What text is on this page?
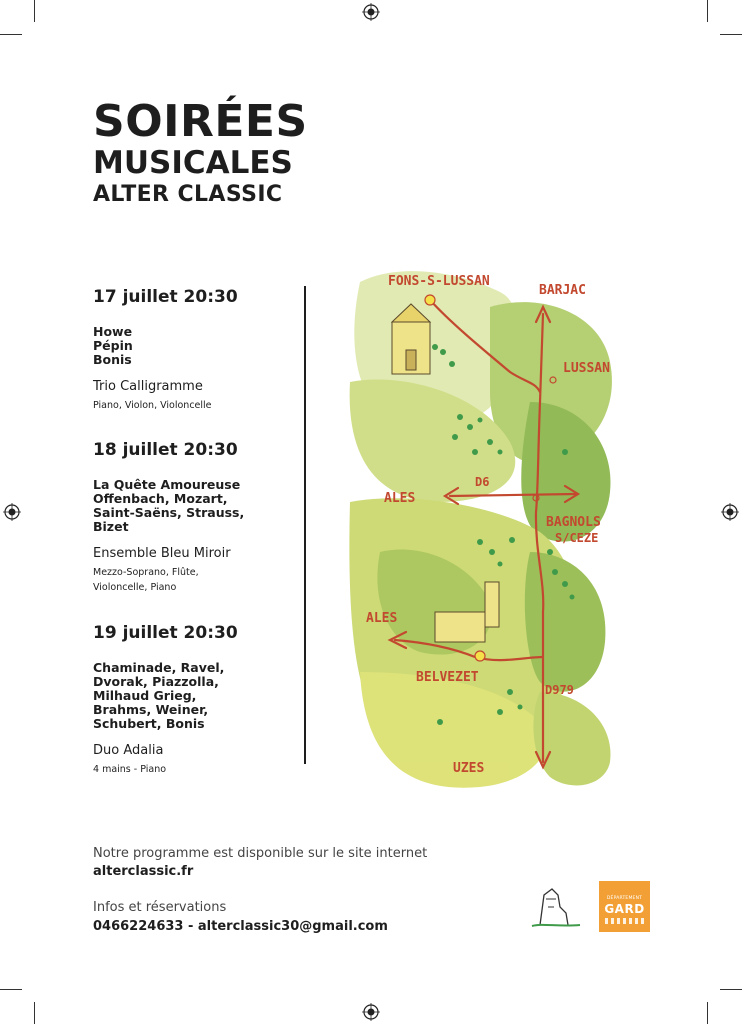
SOIRÉES
MUSICALES
ALTER CLASSIC

17 juillet 20:30

Howe

Pépin

Bonis

Trio Calligramme

Piano, Violon, Violoncelle

18 juillet 20:30

La Quête Amoureuse

Offenbach, Mozart,

Saint-Saëns, Strauss,

Bizet

Ensemble Bleu Miroir

Mezzo-Soprano, Flûte,

Violoncelle, Piano

19 juillet 20:30

Chaminade, Ravel,

Dvorak, Piazzolla,

Milhaud Grieg,

Brahms, Weiner,

Schubert, Bonis

Duo Adalia

4 mains - Piano

FONS-S-LUSSAN
BARJAC
LUSSAN
D6
ALES
BAGNOLS
S/CEZE
ALES
BELVEZET
D979
UZES
Notre programme est disponible sur le site internet
alterclassic.fr
Infos et réservations
0466224633 - alterclassic30@gmail.com
DÉPARTEMENT
GARD
